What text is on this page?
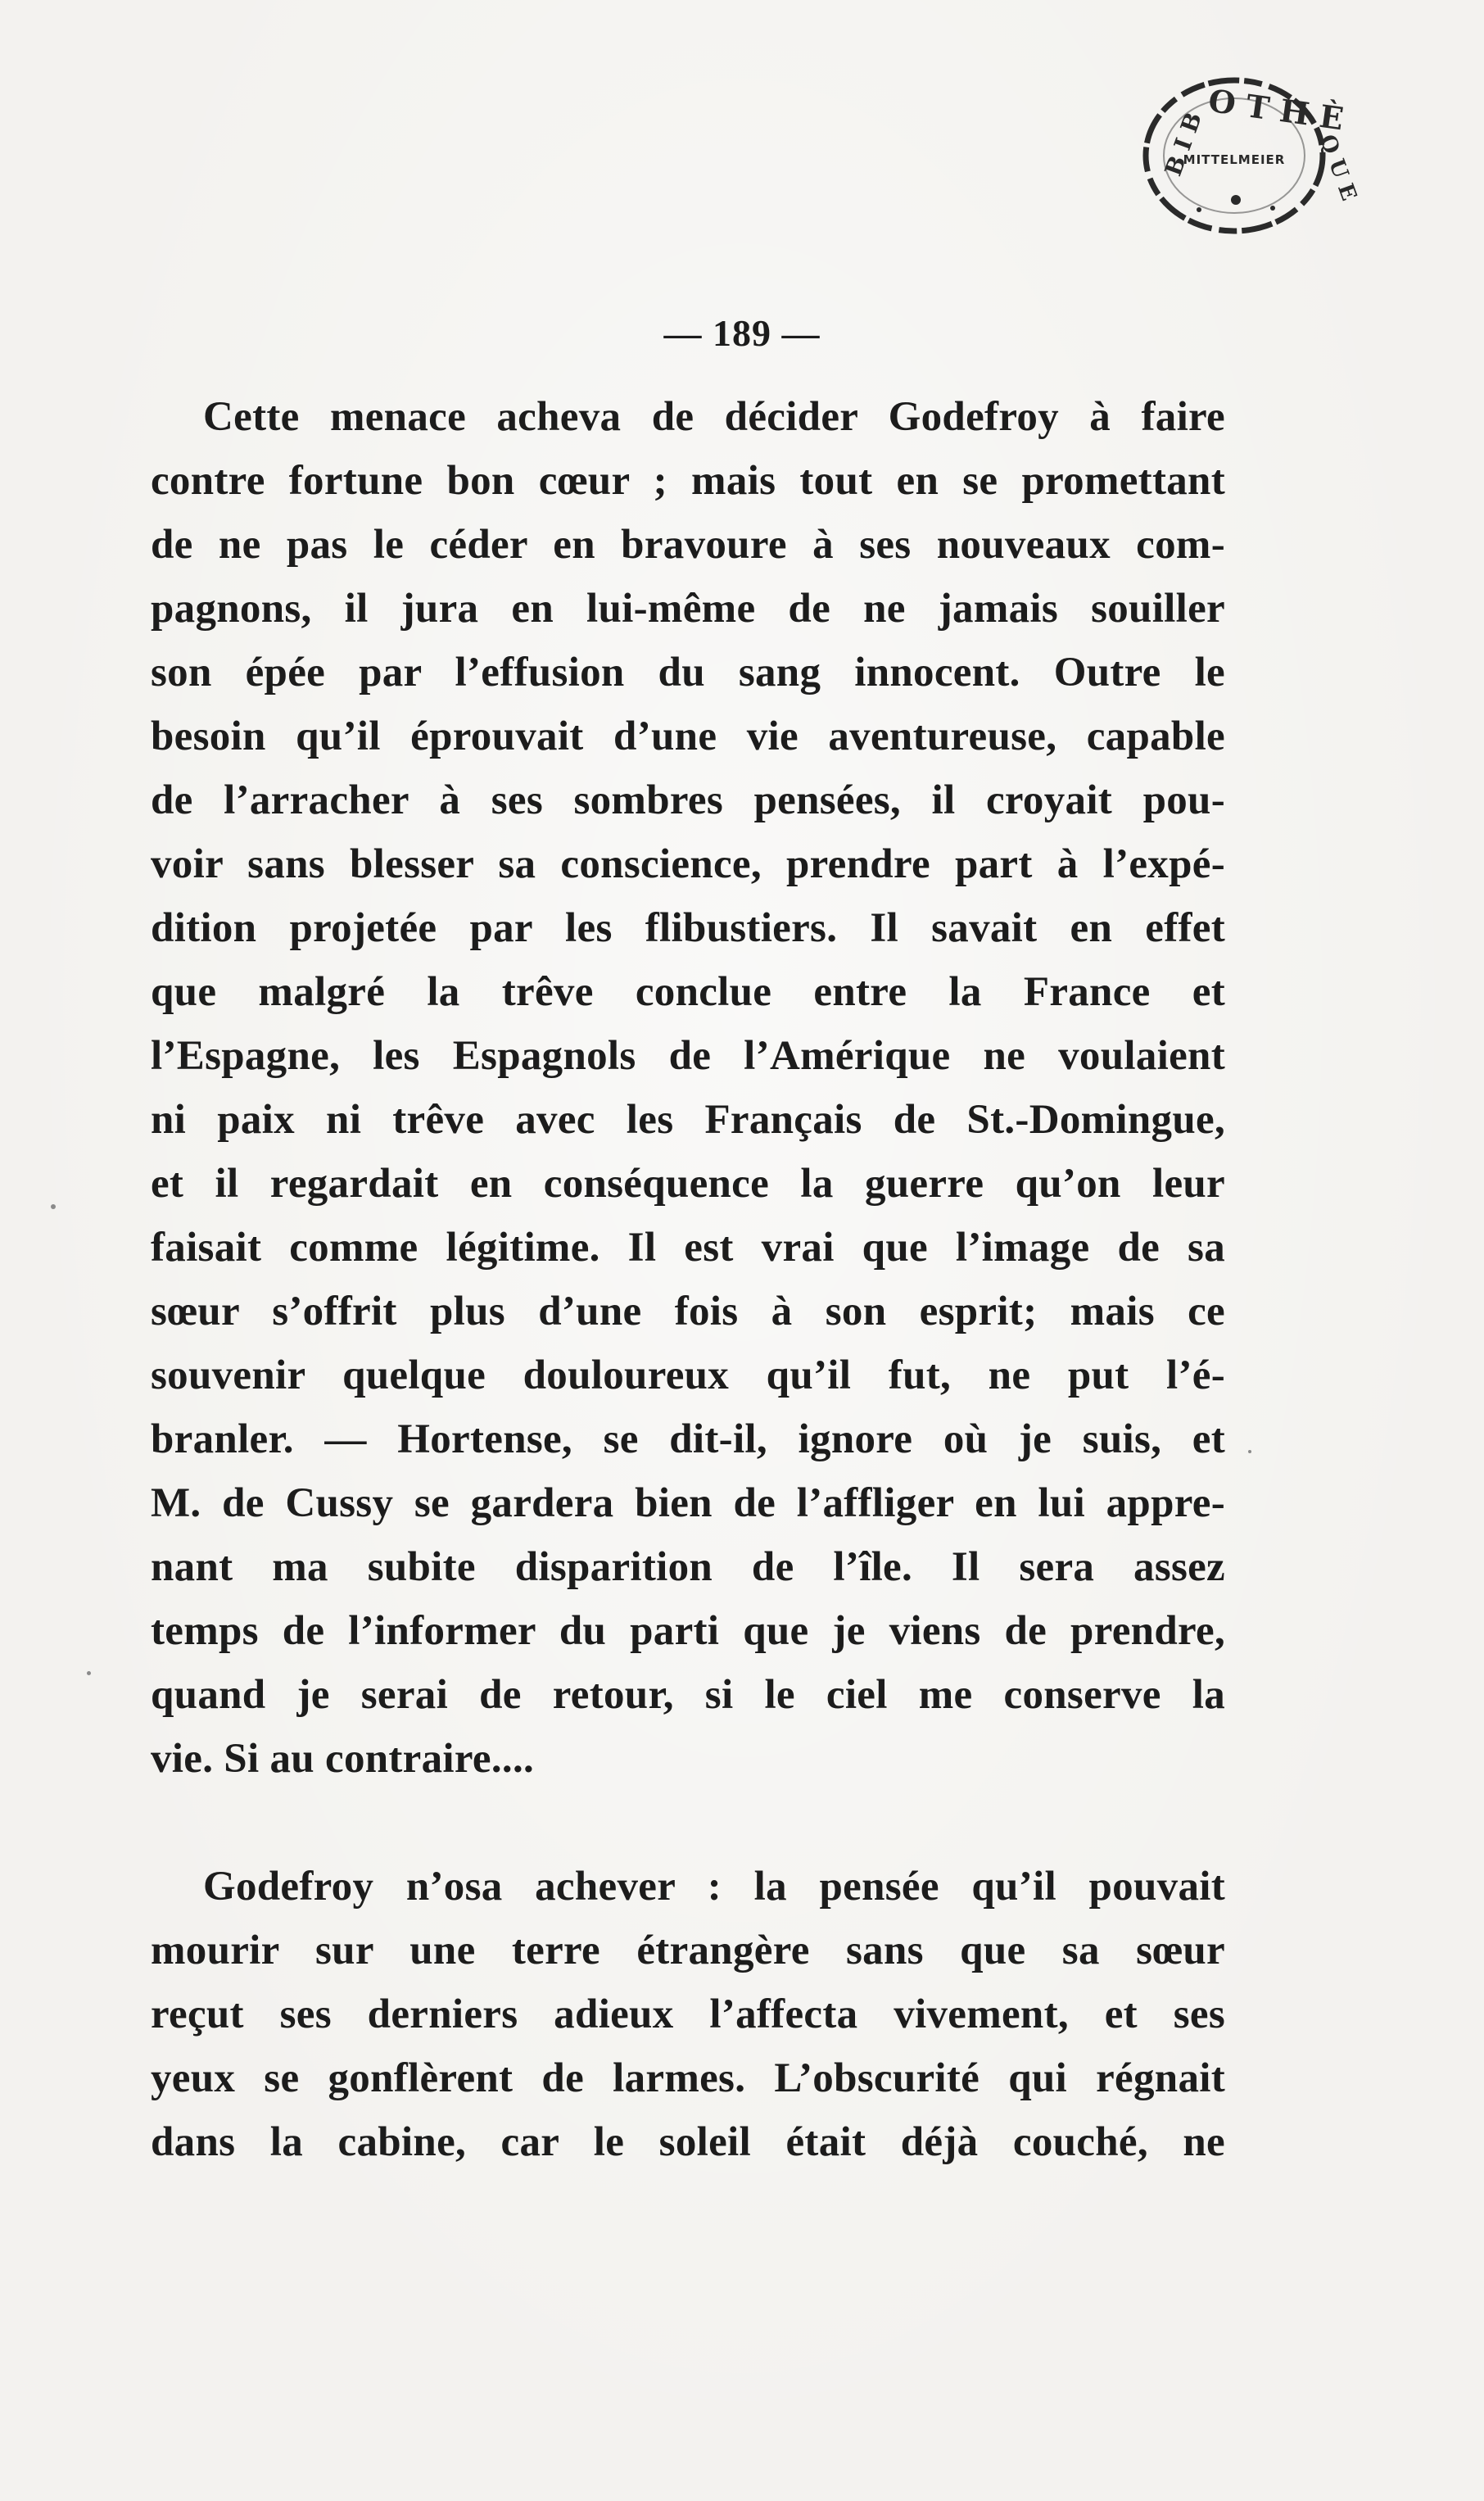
O T H È
B I B	Q U E
MITTELMEIER
— 189 —
Cette menace acheva de décider Godefroy à faire
contre fortune bon cœur ; mais tout en se promettant
de ne pas le céder en bravoure à ses nouveaux com-
pagnons, il jura en lui-même de ne jamais souiller
son épée par l’effusion du sang innocent. Outre le
besoin qu’il éprouvait d’une vie aventureuse, capable
de l’arracher à ses sombres pensées, il croyait pou-
voir sans blesser sa conscience, prendre part à l’expé-
dition projetée par les flibustiers. Il savait en effet
que malgré la trêve conclue entre la France et
l’Espagne, les Espagnols de l’Amérique ne voulaient
ni paix ni trêve avec les Français de St.-Domingue,
et il regardait en conséquence la guerre qu’on leur
faisait comme légitime. Il est vrai que l’image de sa
sœur s’offrit plus d’une fois à son esprit; mais ce
souvenir quelque douloureux qu’il fut, ne put l’é-
branler. — Hortense, se dit-il, ignore où je suis, et
M. de Cussy se gardera bien de l’affliger en lui appre-
nant ma subite disparition de l’île. Il sera assez
temps de l’informer du parti que je viens de prendre,
quand je serai de retour, si le ciel me conserve la
vie. Si au contraire....
Godefroy n’osa achever : la pensée qu’il pouvait
mourir sur une terre étrangère sans que sa sœur
reçut ses derniers adieux l’affecta vivement, et ses
yeux se gonflèrent de larmes. L’obscurité qui régnait
dans la cabine, car le soleil était déjà couché, ne
